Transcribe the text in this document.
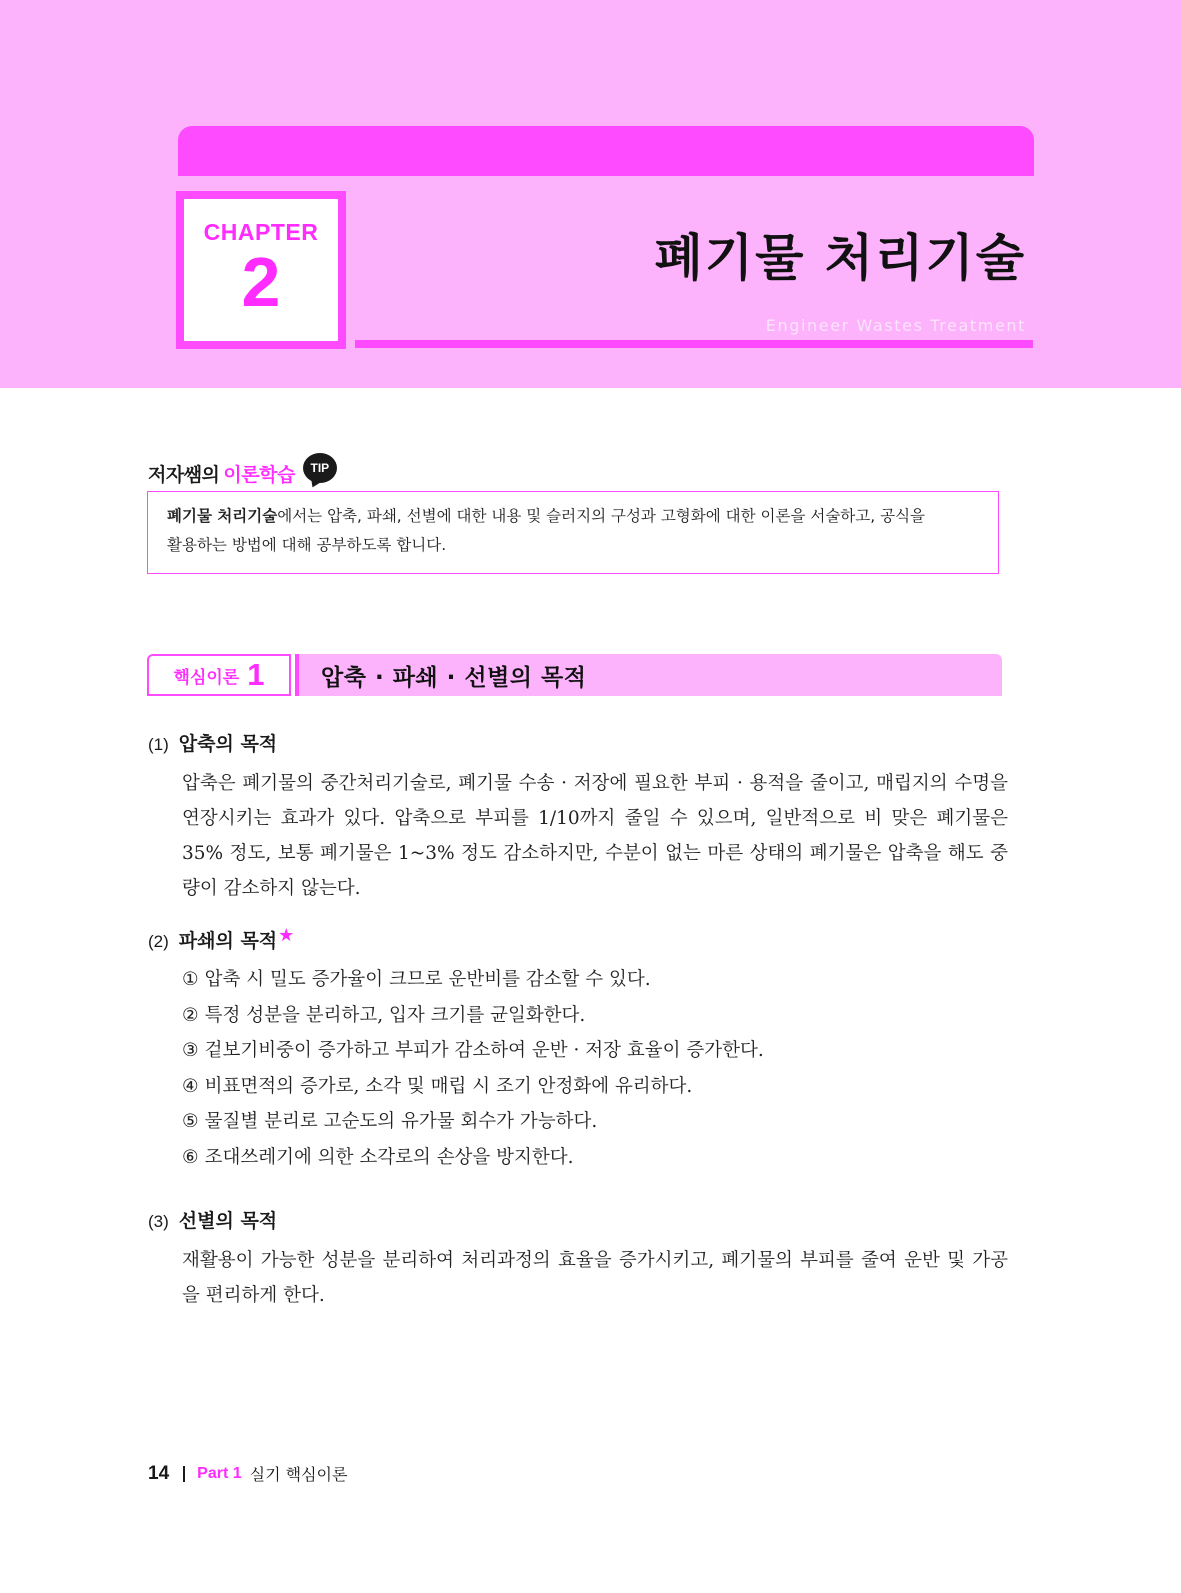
CHAPTER
2	폐기물 처리기술
Engineer Wastes Treatment
저자쌤의 이론학습 TIP
폐기물 처리기술에서는 압축, 파쇄, 선별에 대한 내용 및 슬러지의 구성과 고형화에 대한 이론을 서술하고, 공식을
활용하는 방법에 대해 공부하도록 합니다.
핵심이론 1 압축 · 파쇄 · 선별의 목적
(1) 압축의 목적

압축은 폐기물의 중간처리기술로, 폐기물 수송 · 저장에 필요한 부피 · 용적을 줄이고, 매립지의 수명을 연장시키는 효과가 있다. 압축으로 부피를 1/10까지 줄일 수 있으며, 일반적으로 비 맞은 폐기물은 35% 정도, 보통 폐기물은 1~3% 정도 감소하지만, 수분이 없는 마른 상태의 폐기물은 압축을 해도 중량이 감소하지 않는다.

(2) 파쇄의 목적★
① 압축 시 밀도 증가율이 크므로 운반비를 감소할 수 있다.
② 특정 성분을 분리하고, 입자 크기를 균일화한다.
③ 겉보기비중이 증가하고 부피가 감소하여 운반 · 저장 효율이 증가한다.
④ 비표면적의 증가로, 소각 및 매립 시 조기 안정화에 유리하다.
⑤ 물질별 분리로 고순도의 유가물 회수가 가능하다.
⑥ 조대쓰레기에 의한 소각로의 손상을 방지한다.
(3) 선별의 목적

재활용이 가능한 성분을 분리하여 처리과정의 효율을 증가시키고, 폐기물의 부피를 줄여 운반 및 가공을 편리하게 한다.

14 Part 1 실기 핵심이론
